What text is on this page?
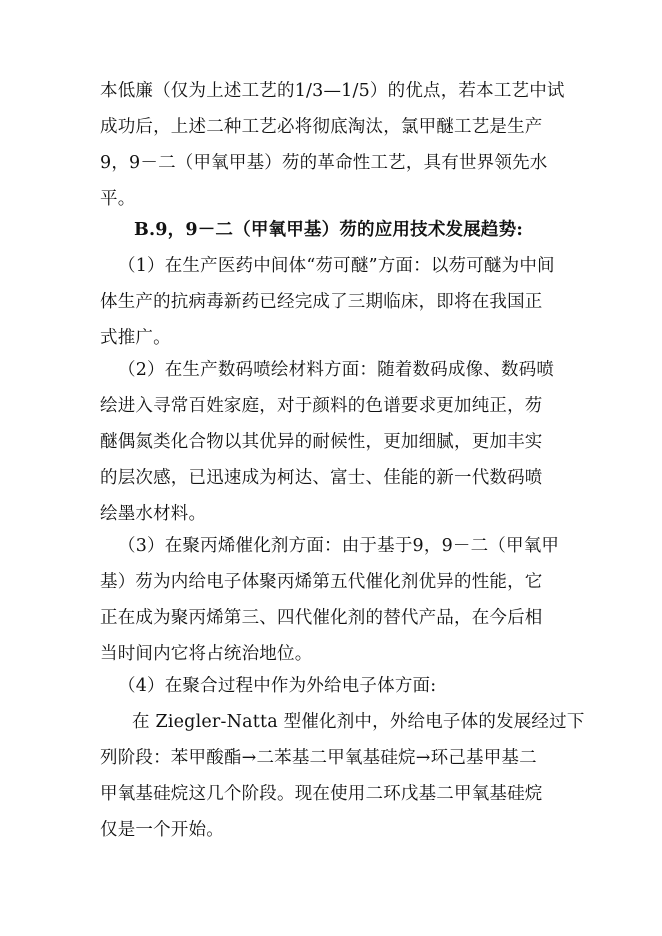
本低廉（仅为上述工艺的1/3—1/5）的优点，若本工艺中试
成功后，上述二种工艺必将彻底淘汰，氯甲醚工艺是生产
9，9－二（甲氧甲基）芴的革命性工艺，具有世界领先水
平。
B.9，9－二（甲氧甲基）芴的应用技术发展趋势:
（1）在生产医药中间体“芴可醚”方面：以芴可醚为中间
体生产的抗病毒新药已经完成了三期临床，即将在我国正
式推广。
（2）在生产数码喷绘材料方面：随着数码成像、数码喷
绘进入寻常百姓家庭，对于颜料的色谱要求更加纯正，芴
醚偶氮类化合物以其优异的耐候性，更加细腻，更加丰实
的层次感，已迅速成为柯达、富士、佳能的新一代数码喷
绘墨水材料。
（3）在聚丙烯催化剂方面：由于基于9，9－二（甲氧甲
基）芴为内给电子体聚丙烯第五代催化剂优异的性能，它
正在成为聚丙烯第三、四代催化剂的替代产品，在今后相
当时间内它将占统治地位。
（4）在聚合过程中作为外给电子体方面:
在 Ziegler-Natta 型催化剂中，外给电子体的发展经过下
列阶段：苯甲酸酯→二苯基二甲氧基硅烷→环己基甲基二
甲氧基硅烷这几个阶段。现在使用二环戊基二甲氧基硅烷
仅是一个开始。
